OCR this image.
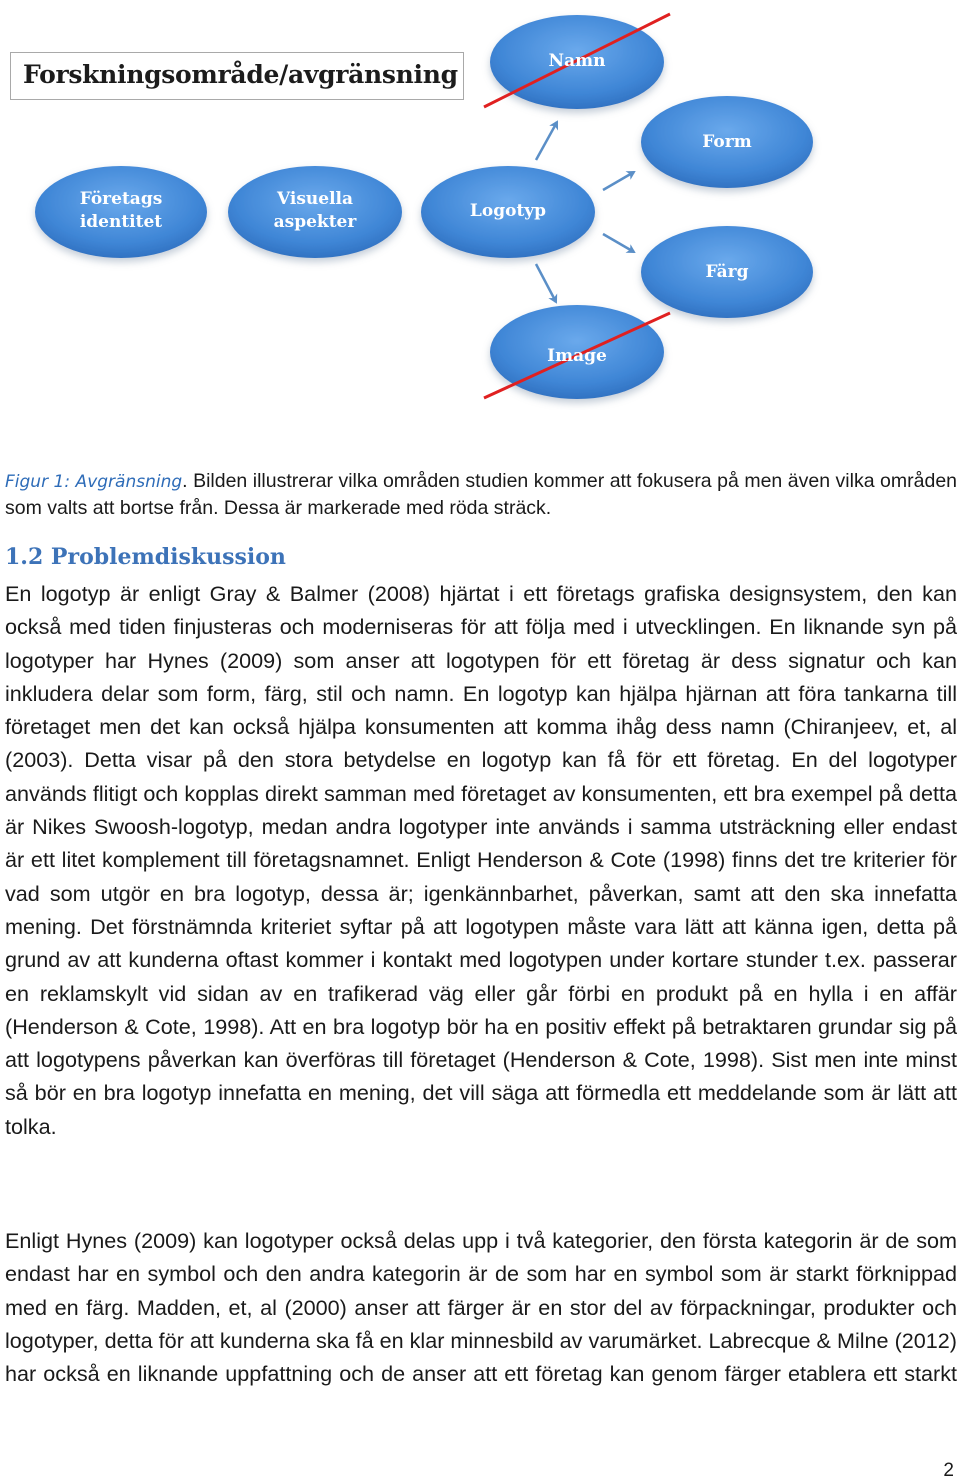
Forskningsområde/avgränsning
Företags
identitet
Visuella
aspekter
Logotyp
Namn
Form
Färg
Image
Figur 1: Avgränsning. Bilden illustrerar vilka områden studien kommer att fokusera på men även vilka områden som valts att bortse från. Dessa är markerade med röda sträck.
1.2 Problemdiskussion
En logotyp är enligt Gray & Balmer (2008) hjärtat i ett företags grafiska designsystem, den kan också med tiden finjusteras och moderniseras för att följa med i utvecklingen. En liknande syn på logotyper har Hynes (2009) som anser att logotypen för ett företag är dess signatur och kan inkludera delar som form, färg, stil och namn. En logotyp kan hjälpa hjärnan att föra tankarna till företaget men det kan också hjälpa konsumenten att komma ihåg dess namn (Chiranjeev, et, al (2003). Detta visar på den stora betydelse en logotyp kan få för ett företag. En del logotyper används flitigt och kopplas direkt samman med företaget av konsumenten, ett bra exempel på detta är Nikes Swoosh-logotyp, medan andra logotyper inte används i samma utsträckning eller endast är ett litet komplement till företagsnamnet. Enligt Henderson & Cote (1998) finns det tre kriterier för vad som utgör en bra logotyp, dessa är; igenkännbarhet, påverkan, samt att den ska innefatta mening. Det förstnämnda kriteriet syftar på att logotypen måste vara lätt att känna igen, detta på grund av att kunderna oftast kommer i kontakt med logotypen under kortare stunder t.ex. passerar en reklamskylt vid sidan av en trafikerad väg eller går förbi en produkt på en hylla i en affär (Henderson & Cote, 1998). Att en bra logotyp bör ha en positiv effekt på betraktaren grundar sig på att logotypens påverkan kan överföras till företaget (Henderson & Cote, 1998). Sist men inte minst så bör en bra logotyp innefatta en mening, det vill säga att förmedla ett meddelande som är lätt att tolka.
Enligt Hynes (2009) kan logotyper också delas upp i två kategorier, den första kategorin är de som endast har en symbol och den andra kategorin är de som har en symbol som är starkt förknippad med en färg. Madden, et, al (2000) anser att färger är en stor del av förpackningar, produkter och logotyper, detta för att kunderna ska få en klar minnesbild av varumärket. Labrecque & Milne (2012) har också en liknande uppfattning och de anser att ett företag kan genom färger etablera ett starkt
2
